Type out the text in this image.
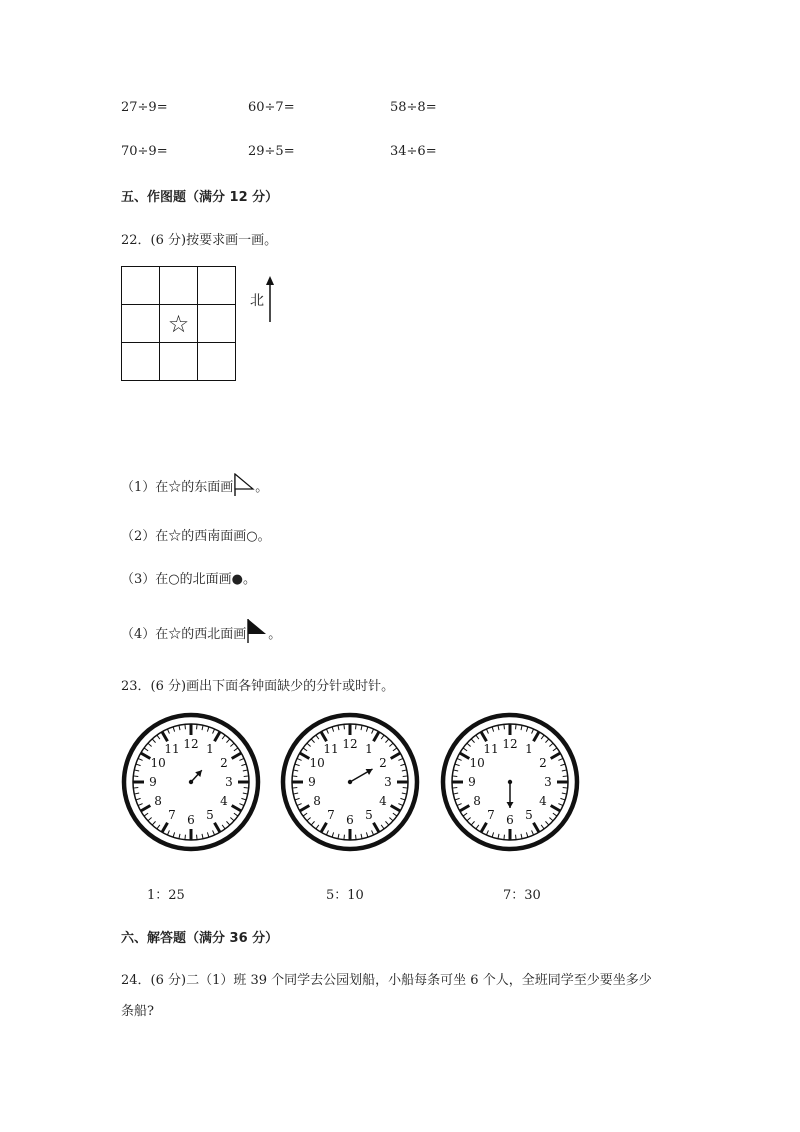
27÷9=	60÷7=	58÷8=
70÷9=	29÷5=	34÷6=
五、作图题（满分 12 分）
22．(6 分)按要求画一画。

	☆	

北
（1）在☆的东面画 。
（2）在☆的西南面画○。
（3）在○的北面画●。
（4）在☆的西北面画 。
23．(6 分)画出下面各钟面缺少的分针或时针。
12 1
2
3
4
5
6
7
8
9
10
11	12 1
2
3
4
5
6
7
8
9
10
11	12 1
2
3
4
5
6
7
8
9
10
11
1：25	5：10	7：30
六、解答题（满分 36 分）
24．(6 分)二（1）班 39 个同学去公园划船，小船每条可坐 6 个人，全班同学至少要坐多少
条船?
